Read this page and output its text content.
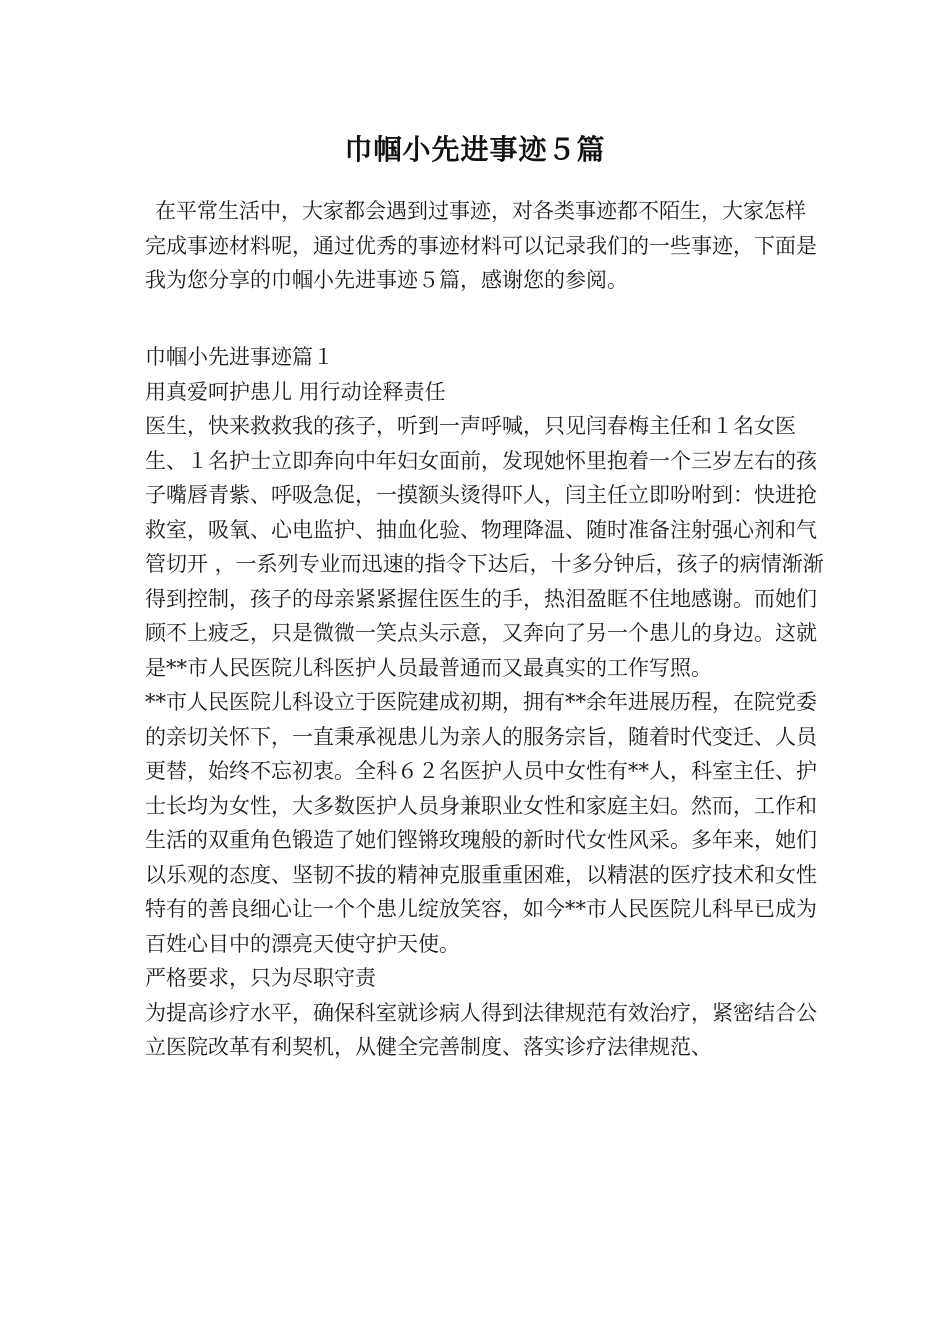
巾帼小先进事迹５篇

在平常生活中，大家都会遇到过事迹，对各类事迹都不陌生，大家怎样完成事迹材料呢，通过优秀的事迹材料可以记录我们的一些事迹，下面是我为您分享的巾帼小先进事迹５篇，感谢您的参阅。

巾帼小先进事迹篇１

用真爱呵护患儿 用行动诠释责任

医生，快来救救我的孩子，听到一声呼喊，只见闫春梅主任和１名女医生、１名护士立即奔向中年妇女面前，发现她怀里抱着一个三岁左右的孩子嘴唇青紫、呼吸急促，一摸额头烫得吓人，闫主任立即吩咐到：快进抢救室，吸氧、心电监护、抽血化验、物理降温、随时准备注射强心剂和气管切开 ，一系列专业而迅速的指令下达后，十多分钟后，孩子的病情渐渐得到控制，孩子的母亲紧紧握住医生的手，热泪盈眶不住地感谢。而她们顾不上疲乏，只是微微一笑点头示意，又奔向了另一个患儿的身边。这就是**市人民医院儿科医护人员最普通而又最真实的工作写照。

**市人民医院儿科设立于医院建成初期，拥有**余年进展历程，在院党委的亲切关怀下，一直秉承视患儿为亲人的服务宗旨，随着时代变迁、人员更替，始终不忘初衷。全科６２名医护人员中女性有**人，科室主任、护士长均为女性，大多数医护人员身兼职业女性和家庭主妇。然而，工作和生活的双重角色锻造了她们铿锵玫瑰般的新时代女性风采。多年来，她们以乐观的态度、坚韧不拔的精神克服重重困难，以精湛的医疗技术和女性特有的善良细心让一个个患儿绽放笑容，如今**市人民医院儿科早已成为百姓心目中的漂亮天使守护天使。

严格要求，只为尽职守责

为提高诊疗水平，确保科室就诊病人得到法律规范有效治疗，紧密结合公立医院改革有利契机，从健全完善制度、落实诊疗法律规范、
